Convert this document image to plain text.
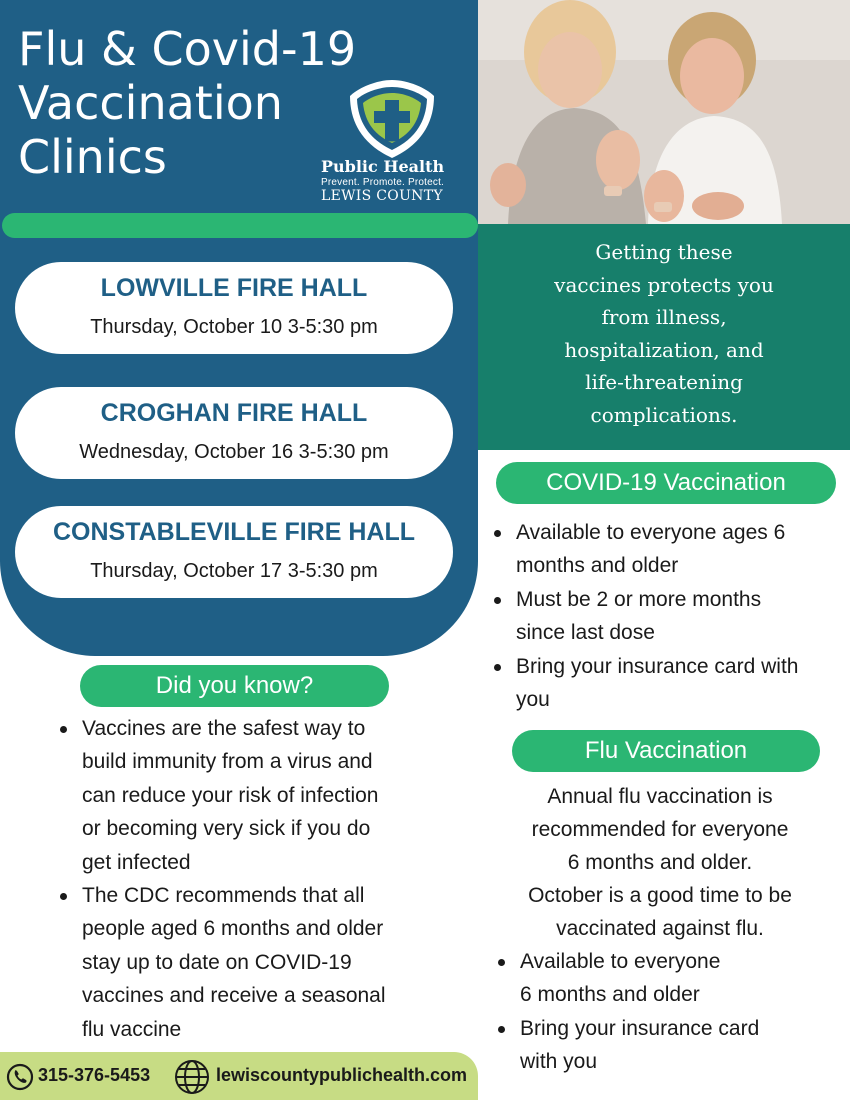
Flu & Covid-19
Vaccination
Clinics	Public Health
Prevent. Promote. Protect.
LEWIS COUNTY
LOWVILLE FIRE HALL
Thursday, October 10 3-5:30 pm
CROGHAN FIRE HALL
Wednesday, October 16 3-5:30 pm
CONSTABLEVILLE FIRE HALL
Thursday, October 17 3-5:30 pm
Getting these
vaccines protects you
from illness,
hospitalization, and
life-threatening
complications.
COVID-19 Vaccination
Available to everyone ages 6
months and older
Must be 2 or more months
since last dose
Bring your insurance card with
you
Flu Vaccination
Annual flu vaccination is
recommended for everyone
6 months and older.
October is a good time to be
vaccinated against flu.
Available to everyone
6 months and older
Bring your insurance card
with you
Did you know?
Vaccines are the safest way to
build immunity from a virus and
can reduce your risk of infection
or becoming very sick if you do
get infected
The CDC recommends that all
people aged 6 months and older
stay up to date on COVID-19
vaccines and receive a seasonal
flu vaccine
315-376-5453	lewiscountypublichealth.com
